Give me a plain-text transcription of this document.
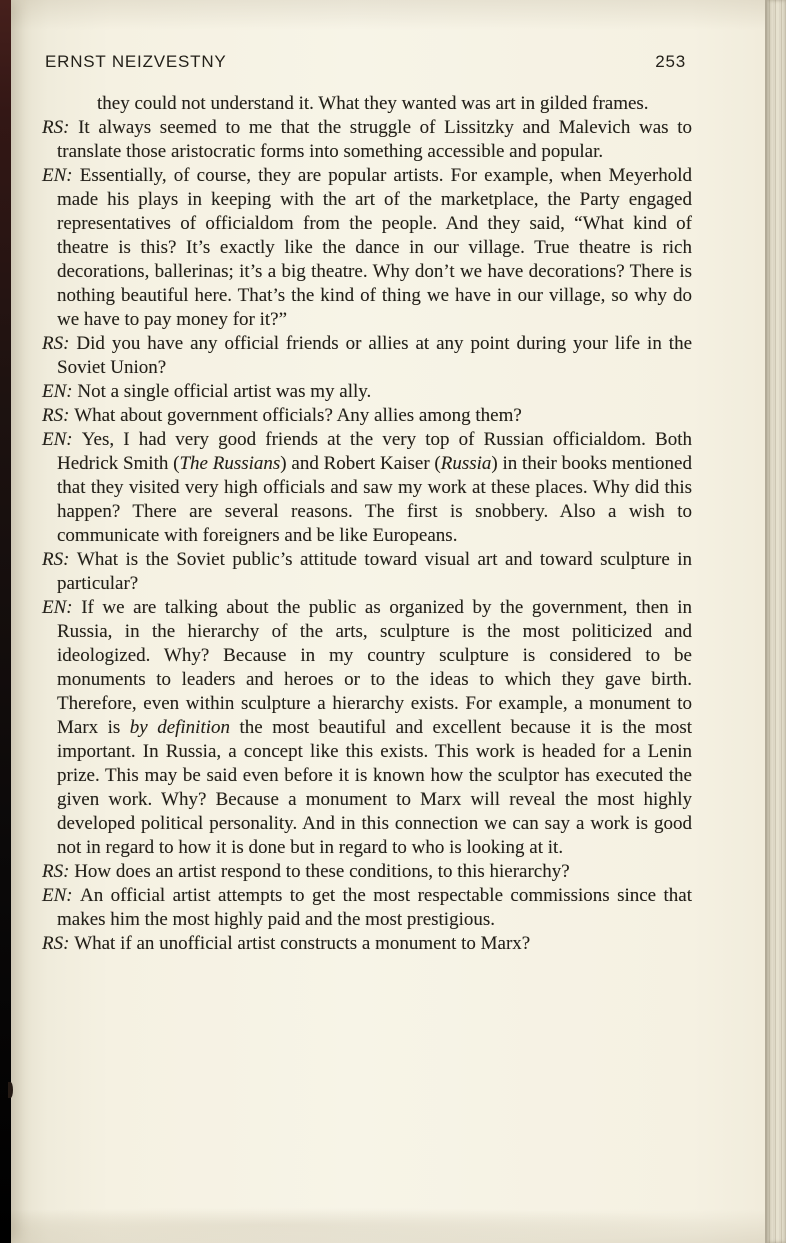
ERNST NEIZVESTNY	253

they could not understand it. What they wanted was art in gilded frames.

RS: It always seemed to me that the struggle of Lissitzky and Malevich was to translate those aristocratic forms into something accessible and popular.

EN: Essentially, of course, they are popular artists. For example, when Meyerhold made his plays in keeping with the art of the marketplace, the Party engaged representatives of officialdom from the people. And they said, “What kind of theatre is this? It’s exactly like the dance in our village. True theatre is rich decorations, ballerinas; it’s a big theatre. Why don’t we have decorations? There is nothing beautiful here. That’s the kind of thing we have in our village, so why do we have to pay money for it?”

RS: Did you have any official friends or allies at any point during your life in the Soviet Union?

EN: Not a single official artist was my ally.

RS: What about government officials? Any allies among them?

EN: Yes, I had very good friends at the very top of Russian officialdom. Both Hedrick Smith (The Russians) and Robert Kaiser (Russia) in their books mentioned that they visited very high officials and saw my work at these places. Why did this happen? There are several reasons. The first is snobbery. Also a wish to communicate with foreigners and be like Europeans.

RS: What is the Soviet public’s attitude toward visual art and toward sculpture in particular?

EN: If we are talking about the public as organized by the government, then in Russia, in the hierarchy of the arts, sculpture is the most politicized and ideologized. Why? Because in my country sculpture is considered to be monuments to leaders and heroes or to the ideas to which they gave birth. Therefore, even within sculpture a hierarchy exists. For example, a monument to Marx is by definition the most beautiful and excellent because it is the most important. In Russia, a concept like this exists. This work is headed for a Lenin prize. This may be said even before it is known how the sculptor has executed the given work. Why? Because a monument to Marx will reveal the most highly developed political personality. And in this connection we can say a work is good not in regard to how it is done but in regard to who is looking at it.

RS: How does an artist respond to these conditions, to this hierarchy?

EN: An official artist attempts to get the most respectable commissions since that makes him the most highly paid and the most prestigious.

RS: What if an unofficial artist constructs a monument to Marx?
